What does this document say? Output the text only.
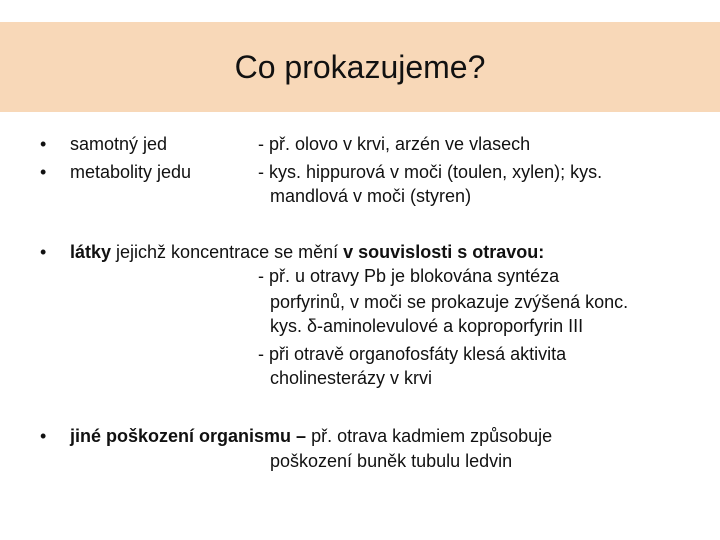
Co prokazujeme?
• samotný jed
• metabolity jedu
- př. olovo v krvi, arzén ve vlasech
- kys. hippurová v moči (toulen, xylen); kys.
mandlová v moči (styren)
• látky jejichž koncentrace se mění v souvislosti s otravou:
- př. u otravy Pb je blokována syntéza
porfyrinů, v moči se prokazuje zvýšená konc.
kys. δ-aminolevulové a koproporfyrin III
- při otravě organofosfáty klesá aktivita
cholinesterázy v krvi
• jiné poškození organismu – př. otrava kadmiem způsobuje
poškození buněk tubulu ledvin
